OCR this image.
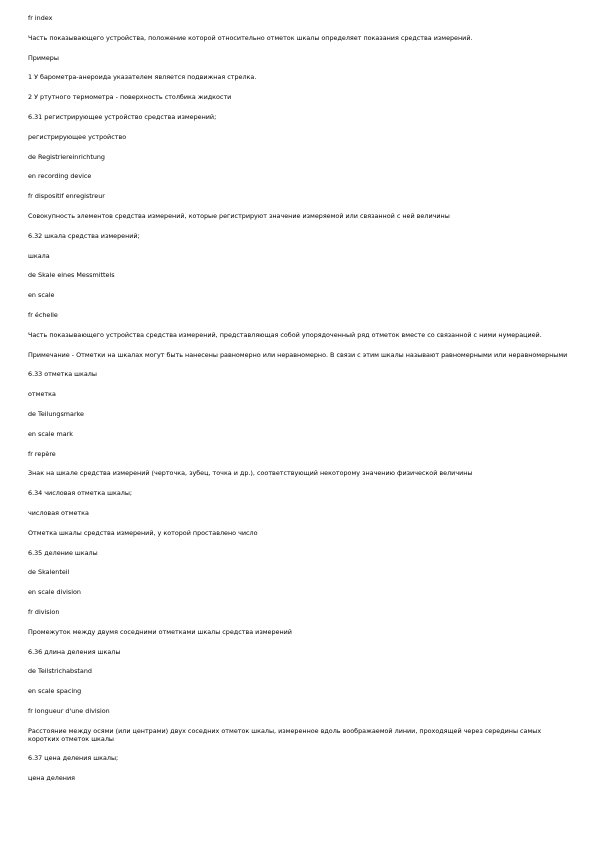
fr index

Часть показывающего устройства, положение которой относительно отметок шкалы определяет показания средства измерений.

Примеры

1 У барометра-анероида указателем является подвижная стрелка.

2 У ртутного термометра - поверхность столбика жидкости

6.31 регистрирующее устройство средства измерений;

регистрирующее устройство

de Registriereinrichtung

en recording device

fr dispositif enregistreur

Совокупность элементов средства измерений, которые регистрируют значение измеряемой или связанной с ней величины

6.32 шкала средства измерений;

шкала

de Skale eines Messmittels

en scale

fr échelle

Часть показывающего устройства средства измерений, представляющая собой упорядоченный ряд отметок вместе со связанной с ними нумерацией.

Примечание - Отметки на шкалах могут быть нанесены равномерно или неравномерно. В связи с этим шкалы называют равномерными или неравномерными

6.33 отметка шкалы

отметка

de Teilungsmarke

en scale mark

fr repère

Знак на шкале средства измерений (черточка, зубец, точка и др.), соответствующий некоторому значению физической величины

6.34 числовая отметка шкалы;

числовая отметка

Отметка шкалы средства измерений, у которой проставлено число

6.35 деление шкалы

de Skalenteil

en scale division

fr division

Промежуток между двумя соседними отметками шкалы средства измерений

6.36 длина деления шкалы

de Teilstrichabstand

en scale spacing

fr longueur d'une division

Расстояние между осями (или центрами) двух соседних отметок шкалы, измеренное вдоль воображаемой линии, проходящей через середины самых коротких отметок шкалы

6.37 цена деления шкалы;

цена деления
